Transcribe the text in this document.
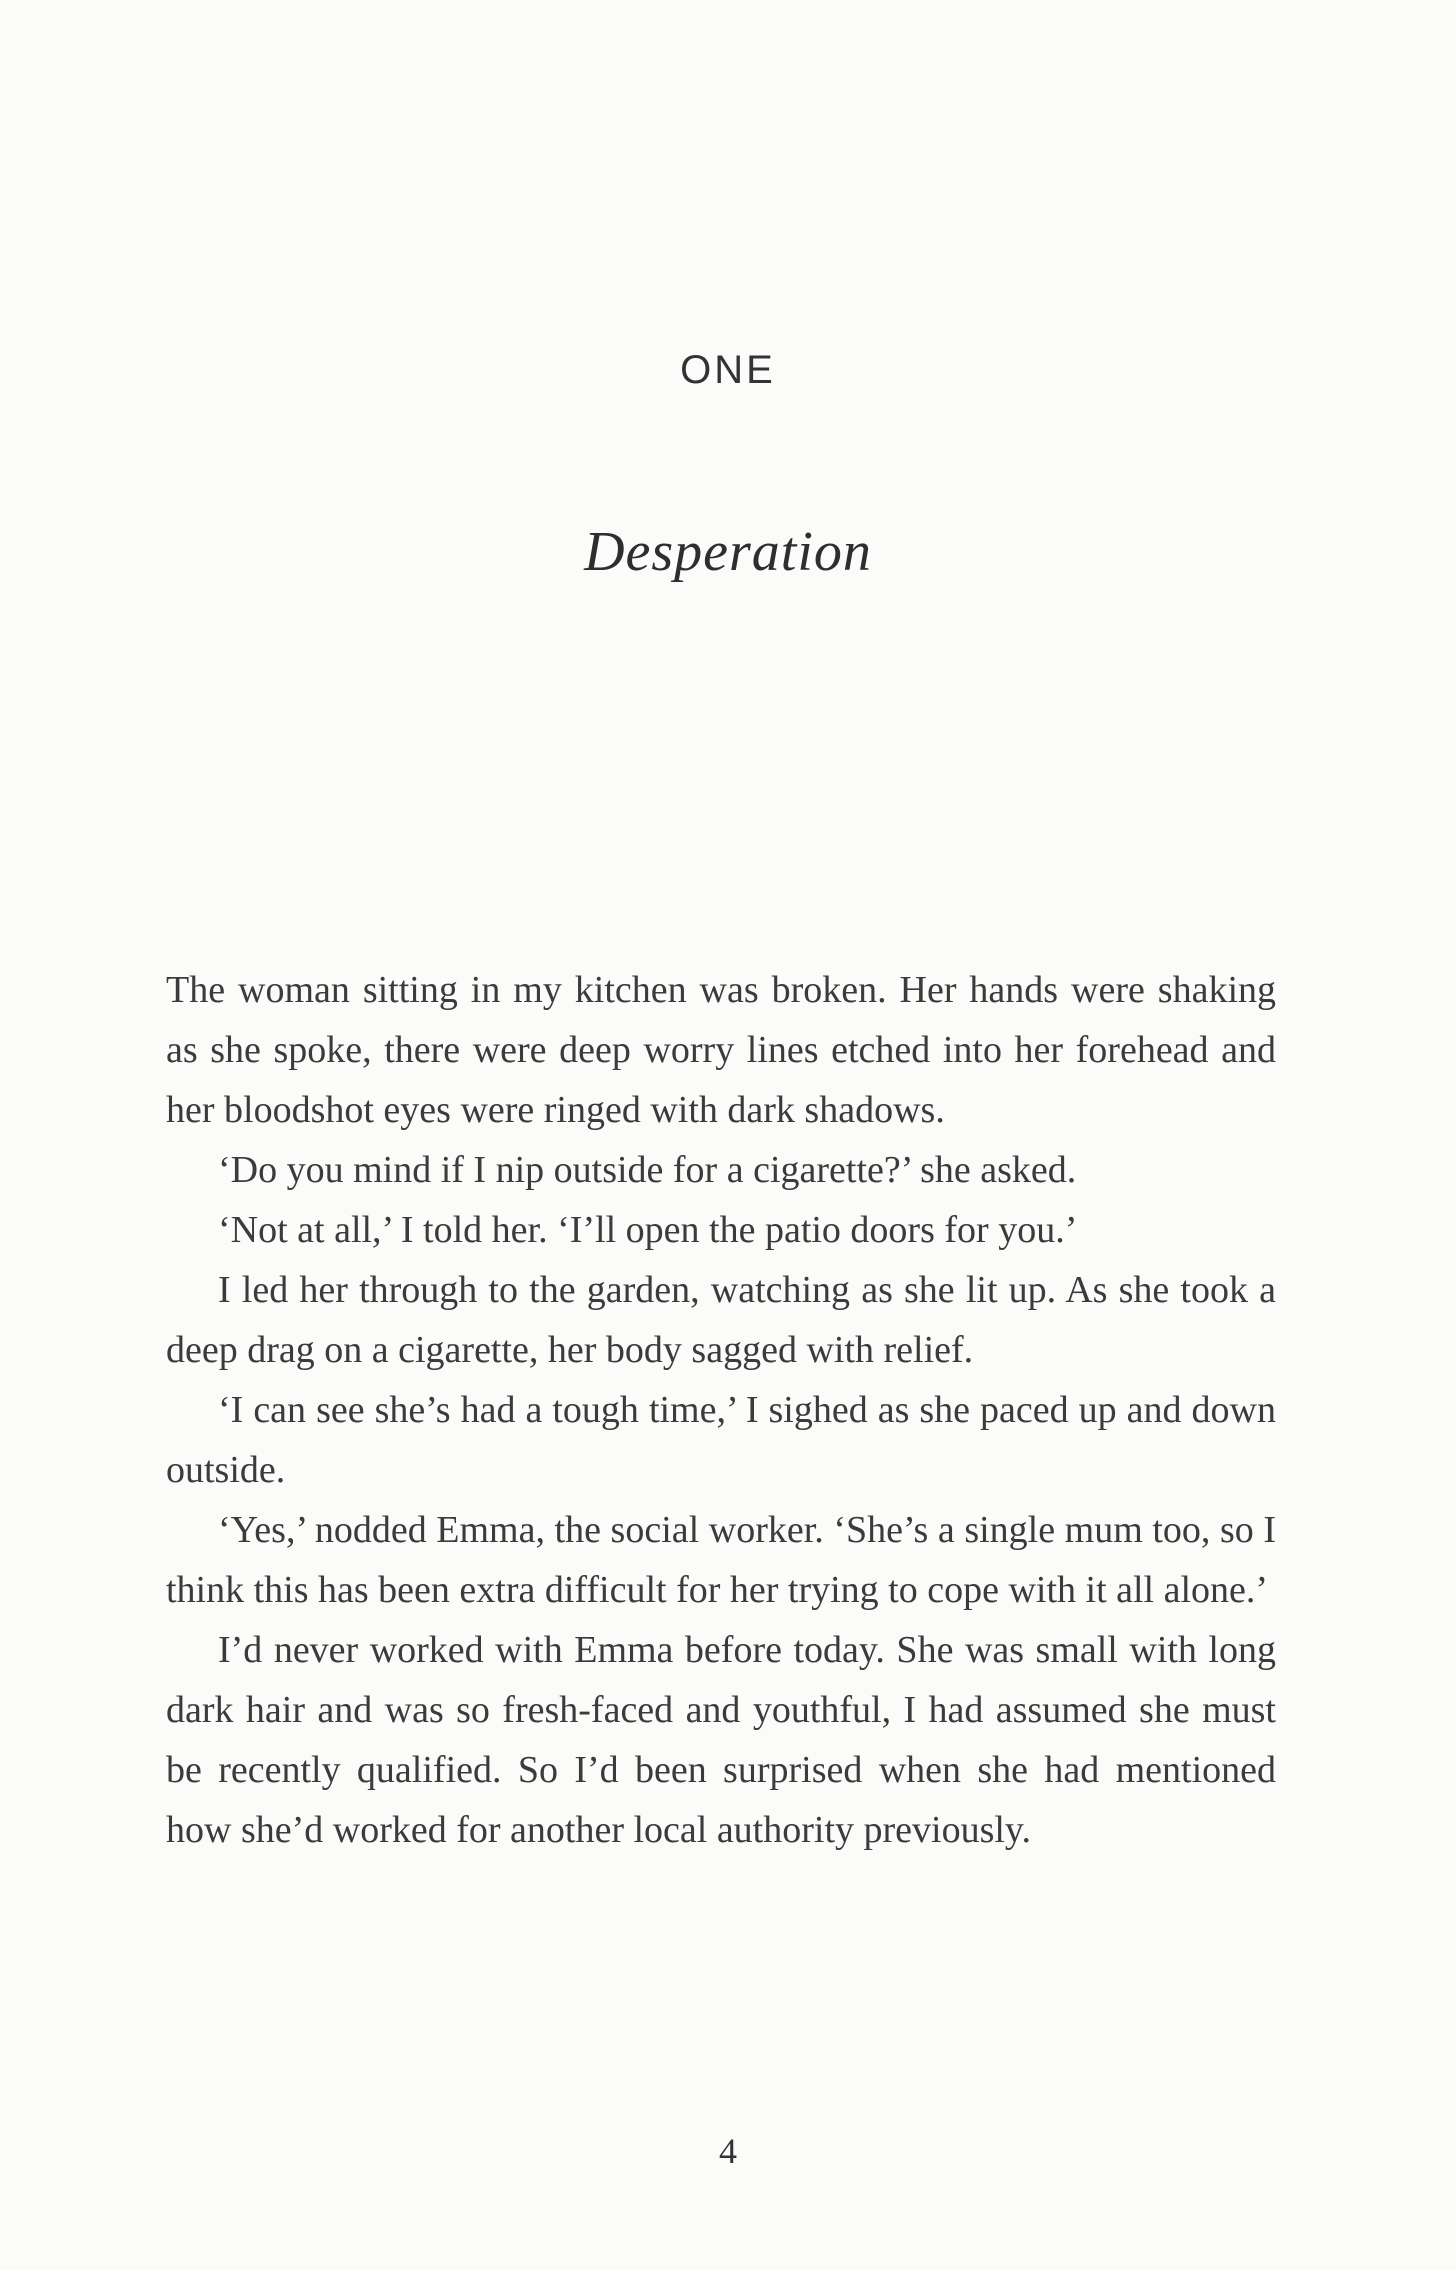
ONE
Desperation

The woman sitting in my kitchen was broken. Her hands were shaking as she spoke, there were deep worry lines etched into her forehead and her bloodshot eyes were ringed with dark shadows.

‘Do you mind if I nip outside for a cigarette?’ she asked.

‘Not at all,’ I told her. ‘I’ll open the patio doors for you.’

I led her through to the garden, watching as she lit up. As she took a deep drag on a cigarette, her body sagged with relief.

‘I can see she’s had a tough time,’ I sighed as she paced up and down outside.

‘Yes,’ nodded Emma, the social worker. ‘She’s a single mum too, so I think this has been extra difficult for her trying to cope with it all alone.’

I’d never worked with Emma before today. She was small with long dark hair and was so fresh-faced and youthful, I had assumed she must be recently qualified. So I’d been surprised when she had mentioned how she’d worked for another local authority previously.

4
